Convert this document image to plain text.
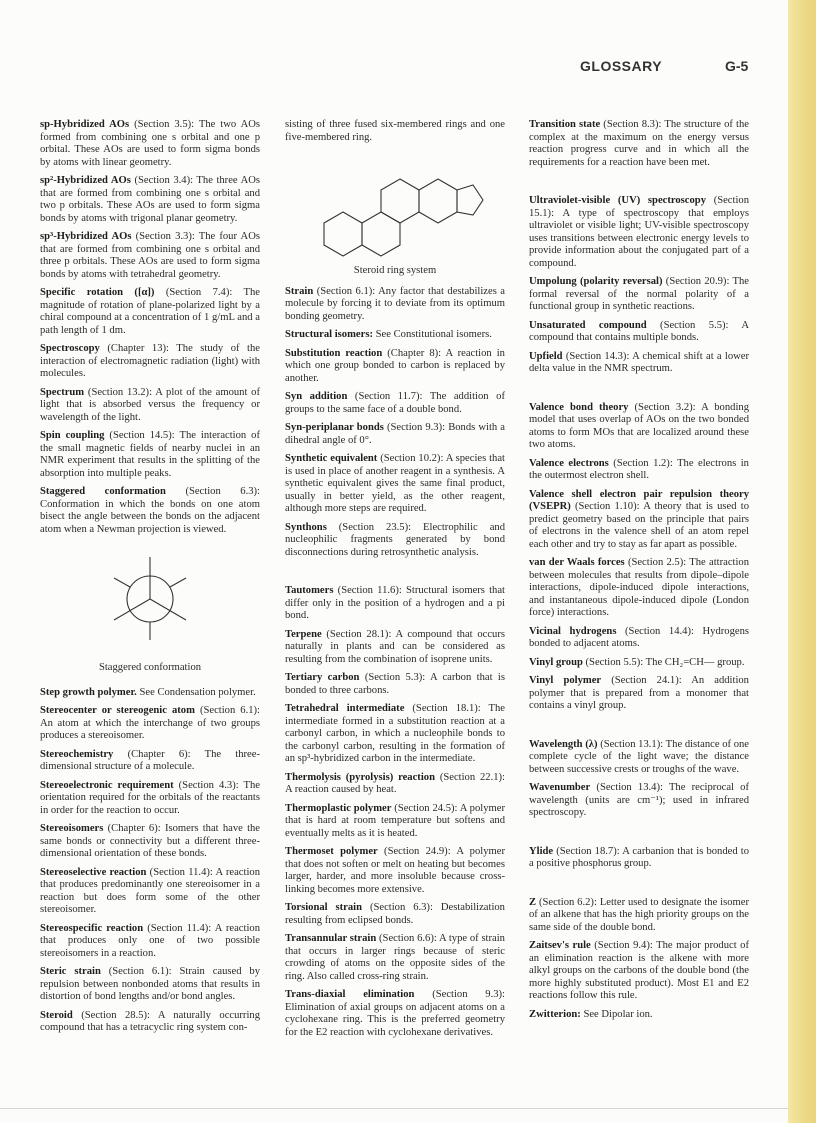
GLOSSARY	G-5
sp-Hybridized AOs (Section 3.5): The two AOs formed from combining one s orbital and one p orbital. These AOs are used to form sigma bonds by atoms with linear geometry.
sp²-Hybridized AOs (Section 3.4): The three AOs that are formed from combining one s orbital and two p orbitals. These AOs are used to form sigma bonds by atoms with trigonal planar geometry.
sp³-Hybridized AOs (Section 3.3): The four AOs that are formed from combining one s orbital and three p orbitals. These AOs are used to form sigma bonds by atoms with tetrahedral geometry.
Specific rotation ([α]) (Section 7.4): The magnitude of rotation of plane-polarized light by a chiral compound at a concentration of 1 g/mL and a path length of 1 dm.
Spectroscopy (Chapter 13): The study of the interaction of electromagnetic radiation (light) with molecules.
Spectrum (Section 13.2): A plot of the amount of light that is absorbed versus the frequency or wavelength of the light.
Spin coupling (Section 14.5): The interaction of the small magnetic fields of nearby nuclei in an NMR experiment that results in the splitting of the absorption into multiple peaks.
Staggered conformation (Section 6.3): Conformation in which the bonds on one atom bisect the angle between the bonds on the adjacent atom when a Newman projection is viewed.
Staggered conformation
Step growth polymer. See Condensation polymer.
Stereocenter or stereogenic atom (Section 6.1): An atom at which the interchange of two groups produces a stereoisomer.
Stereochemistry (Chapter 6): The three-dimensional structure of a molecule.
Stereoelectronic requirement (Section 4.3): The orientation required for the orbitals of the reactants in order for the reaction to occur.
Stereoisomers (Chapter 6): Isomers that have the same bonds or connectivity but a different three-dimensional orientation of these bonds.
Stereoselective reaction (Section 11.4): A reaction that produces predominantly one stereoisomer in a reaction but does form some of the other stereoisomer.
Stereospecific reaction (Section 11.4): A reaction that produces only one of two possible stereoisomers in a reaction.
Steric strain (Section 6.1): Strain caused by repulsion between nonbonded atoms that results in distortion of bond lengths and/or bond angles.
Steroid (Section 28.5): A naturally occurring compound that has a tetracyclic ring system con-
sisting of three fused six-membered rings and one five-membered ring.
Steroid ring system
Strain (Section 6.1): Any factor that destabilizes a molecule by forcing it to deviate from its optimum bonding geometry.
Structural isomers: See Constitutional isomers.
Substitution reaction (Chapter 8): A reaction in which one group bonded to carbon is replaced by another.
Syn addition (Section 11.7): The addition of groups to the same face of a double bond.
Syn-periplanar bonds (Section 9.3): Bonds with a dihedral angle of 0°.
Synthetic equivalent (Section 10.2): A species that is used in place of another reagent in a synthesis. A synthetic equivalent gives the same final product, usually in better yield, as the other reagent, although more steps are required.
Synthons (Section 23.5): Electrophilic and nucleophilic fragments generated by bond disconnections during retrosynthetic analysis.
Tautomers (Section 11.6): Structural isomers that differ only in the position of a hydrogen and a pi bond.
Terpene (Section 28.1): A compound that occurs naturally in plants and can be considered as resulting from the combination of isoprene units.
Tertiary carbon (Section 5.3): A carbon that is bonded to three carbons.
Tetrahedral intermediate (Section 18.1): The intermediate formed in a substitution reaction at a carbonyl carbon, in which a nucleophile bonds to the carbonyl carbon, resulting in the formation of an sp³-hybridized carbon in the intermediate.
Thermolysis (pyrolysis) reaction (Section 22.1): A reaction caused by heat.
Thermoplastic polymer (Section 24.5): A polymer that is hard at room temperature but softens and eventually melts as it is heated.
Thermoset polymer (Section 24.9): A polymer that does not soften or melt on heating but becomes larger, harder, and more insoluble because cross-linking becomes more extensive.
Torsional strain (Section 6.3): Destabilization resulting from eclipsed bonds.
Transannular strain (Section 6.6): A type of strain that occurs in larger rings because of steric crowding of atoms on the opposite sides of the ring. Also called cross-ring strain.
Trans-diaxial elimination (Section 9.3): Elimination of axial groups on adjacent atoms on a cyclohexane ring. This is the preferred geometry for the E2 reaction with cyclohexane derivatives.
Transition state (Section 8.3): The structure of the complex at the maximum on the energy versus reaction progress curve and in which all the requirements for a reaction have been met.
Ultraviolet-visible (UV) spectroscopy (Section 15.1): A type of spectroscopy that employs ultraviolet or visible light; UV-visible spectroscopy uses transitions between electronic energy levels to provide information about the conjugated part of a compound.
Umpolung (polarity reversal) (Section 20.9): The formal reversal of the normal polarity of a functional group in synthetic reactions.
Unsaturated compound (Section 5.5): A compound that contains multiple bonds.
Upfield (Section 14.3): A chemical shift at a lower delta value in the NMR spectrum.
Valence bond theory (Section 3.2): A bonding model that uses overlap of AOs on the two bonded atoms to form MOs that are localized around these two atoms.
Valence electrons (Section 1.2): The electrons in the outermost electron shell.
Valence shell electron pair repulsion theory (VSEPR) (Section 1.10): A theory that is used to predict geometry based on the principle that pairs of electrons in the valence shell of an atom repel each other and try to stay as far apart as possible.
van der Waals forces (Section 2.5): The attraction between molecules that results from dipole–dipole interactions, dipole-induced dipole interactions, and instantaneous dipole-induced dipole (London force) interactions.
Vicinal hydrogens (Section 14.4): Hydrogens bonded to adjacent atoms.
Vinyl group (Section 5.5): The CH₂=CH— group.
Vinyl polymer (Section 24.1): An addition polymer that is prepared from a monomer that contains a vinyl group.
Wavelength (λ) (Section 13.1): The distance of one complete cycle of the light wave; the distance between successive crests or troughs of the wave.
Wavenumber (Section 13.4): The reciprocal of wavelength (units are cm⁻¹); used in infrared spectroscopy.
Ylide (Section 18.7): A carbanion that is bonded to a positive phosphorus group.
Z (Section 6.2): Letter used to designate the isomer of an alkene that has the high priority groups on the same side of the double bond.
Zaitsev's rule (Section 9.4): The major product of an elimination reaction is the alkene with more alkyl groups on the carbons of the double bond (the more highly substituted product). Most E1 and E2 reactions follow this rule.
Zwitterion: See Dipolar ion.
